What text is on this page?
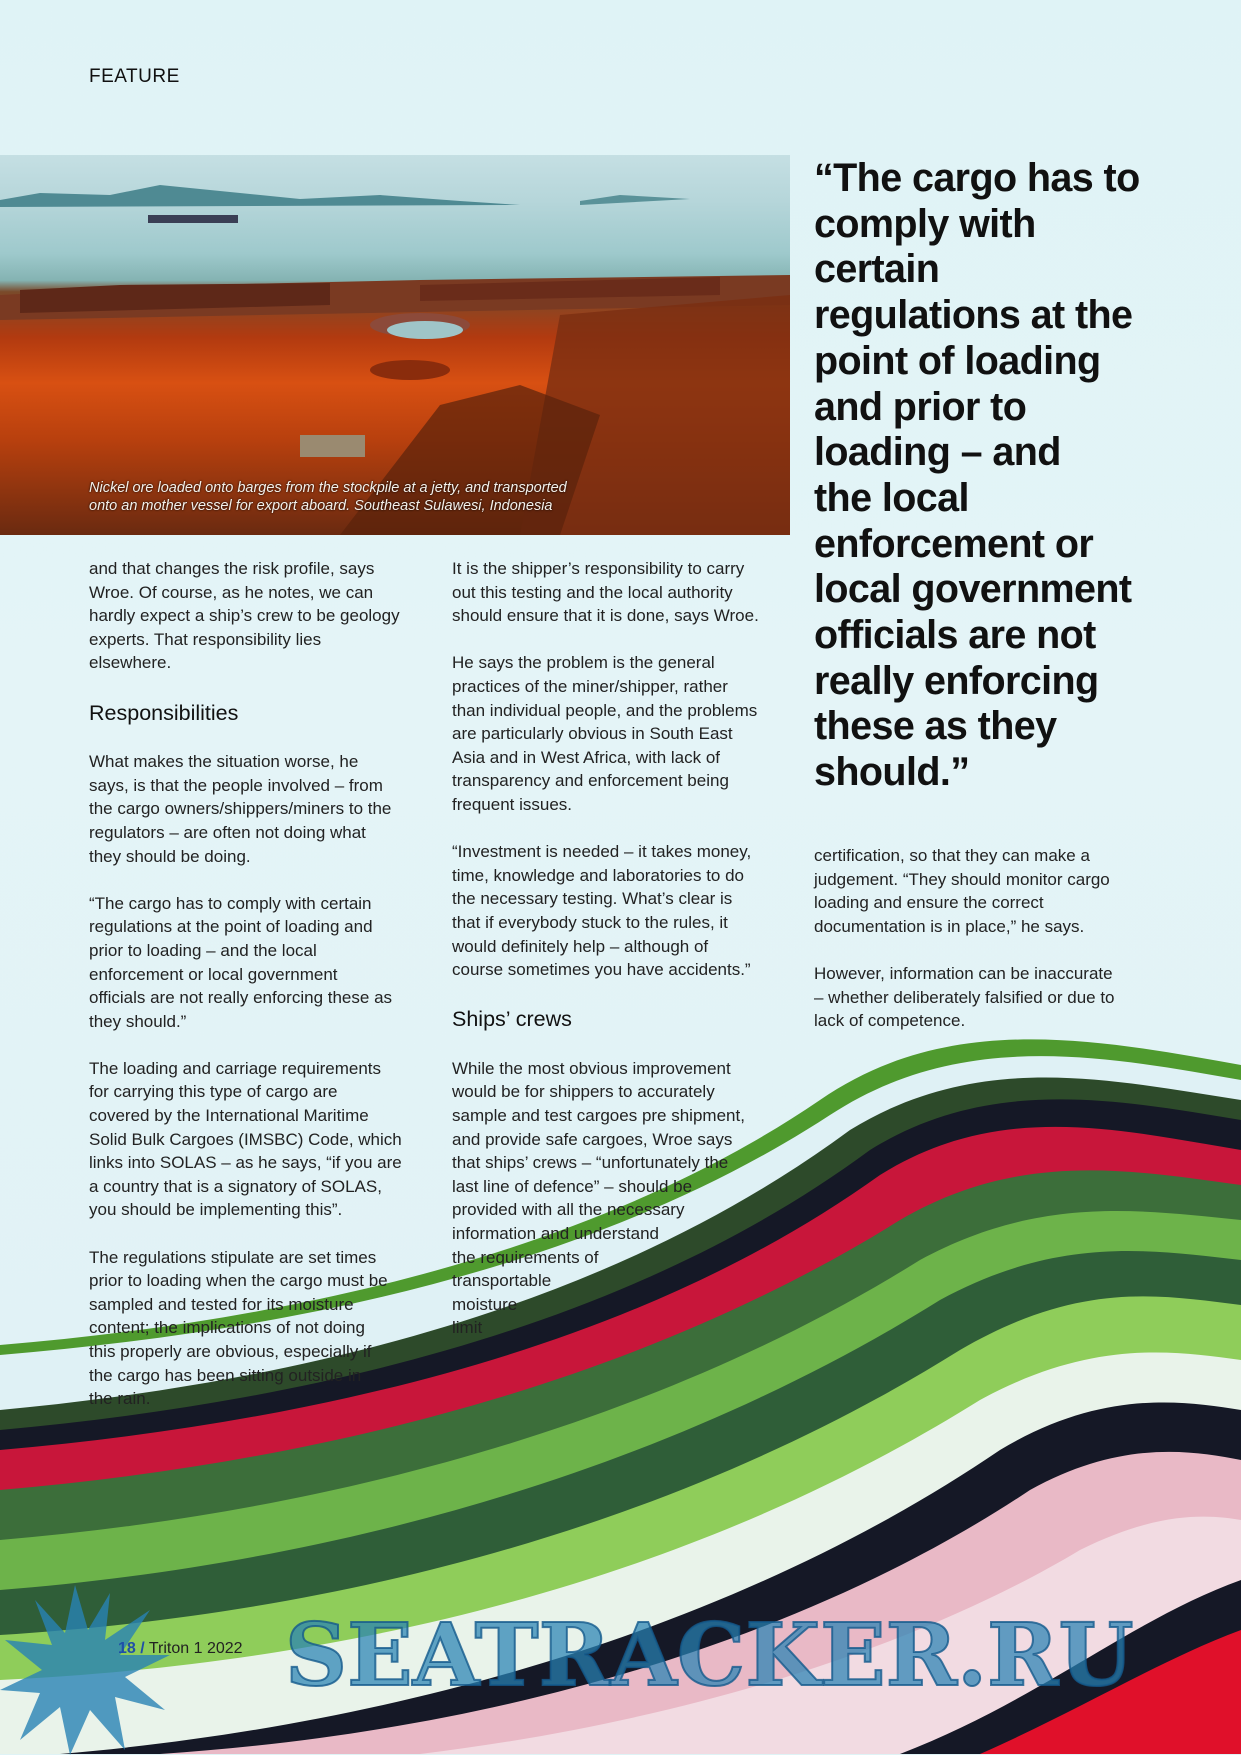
FEATURE
Nickel ore loaded onto barges from the stockpile at a jetty, and transported
onto an mother vessel for export aboard. Southeast Sulawesi, Indonesia
“The cargo has to
comply with
certain
regulations at the
point of loading
and prior to
loading – and
the local
enforcement or
local government
officials are not
really enforcing
these as they
should.”

and that changes the risk profile, says
Wroe. Of course, as he notes, we can
hardly expect a ship’s crew to be geology
experts. That responsibility lies
elsewhere.

Responsibilities

What makes the situation worse, he
says, is that the people involved – from
the cargo owners/shippers/miners to the
regulators – are often not doing what
they should be doing.

“The cargo has to comply with certain
regulations at the point of loading and
prior to loading – and the local
enforcement or local government
officials are not really enforcing these as
they should.”

The loading and carriage requirements
for carrying this type of cargo are
covered by the International Maritime
Solid Bulk Cargoes (IMSBC) Code, which
links into SOLAS – as he says, “if you are
a country that is a signatory of SOLAS,
you should be implementing this”.

The regulations stipulate are set times
prior to loading when the cargo must be
sampled and tested for its moisture
content; the implications of not doing
this properly are obvious, especially if
the cargo has been sitting outside in
the rain.

It is the shipper’s responsibility to carry
out this testing and the local authority
should ensure that it is done, says Wroe.

He says the problem is the general
practices of the miner/shipper, rather
than individual people, and the problems
are particularly obvious in South East
Asia and in West Africa, with lack of
transparency and enforcement being
frequent issues.

“Investment is needed – it takes money,
time, knowledge and laboratories to do
the necessary testing. What’s clear is
that if everybody stuck to the rules, it
would definitely help – although of
course sometimes you have accidents.”

Ships’ crews

While the most obvious improvement
would be for shippers to accurately
sample and test cargoes pre shipment,
and provide safe cargoes, Wroe says
that ships’ crews – “unfortunately the
last line of defence” – should be
provided with all the necessary
information and understand
the requirements of
transportable
moisture
limit

certification, so that they can make a
judgement. “They should monitor cargo
loading and ensure the correct
documentation is in place,” he says.

However, information can be inaccurate
– whether deliberately falsified or due to
lack of competence.

18 / Triton 1 2022 SEATRACKER.RU
